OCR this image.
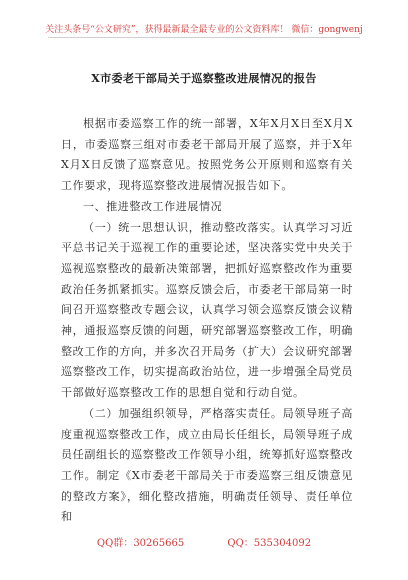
关注头条号“公文研究”，获得最新最全最专业的公文资料库！ 微信：gongwenj
X市委老干部局关于巡察整改进展情况的报告

根据市委巡察工作的统一部署，X年X月X日至X月X日，市委巡察三组对市委老干部局开展了巡察，并于X年X月X日反馈了巡察意见。按照党务公开原则和巡察有关工作要求，现将巡察整改进展情况报告如下。

一、推进整改工作进展情况

（一）统一思想认识，推动整改落实。认真学习习近平总书记关于巡视工作的重要论述，坚决落实党中央关于巡视巡察整改的最新决策部署，把抓好巡察整改作为重要政治任务抓紧抓实。巡察反馈会后，市委老干部局第一时间召开巡察整改专题会议，认真学习领会巡察反馈会议精神，通报巡察反馈的问题，研究部署巡察整改工作，明确整改工作的方向，并多次召开局务（扩大）会议研究部署巡察整改工作，切实提高政治站位，进一步增强全局党员干部做好巡察整改工作的思想自觉和行动自觉。

（二）加强组织领导，严格落实责任。局领导班子高度重视巡察整改工作，成立由局长任组长，局领导班子成员任副组长的巡察整改工作领导小组，统筹抓好巡察整改工作。制定《X市委老干部局关于市委巡察三组反馈意见的整改方案》，细化整改措施，明确责任领导、责任单位和

QQ群：30265665	QQ：535304092
